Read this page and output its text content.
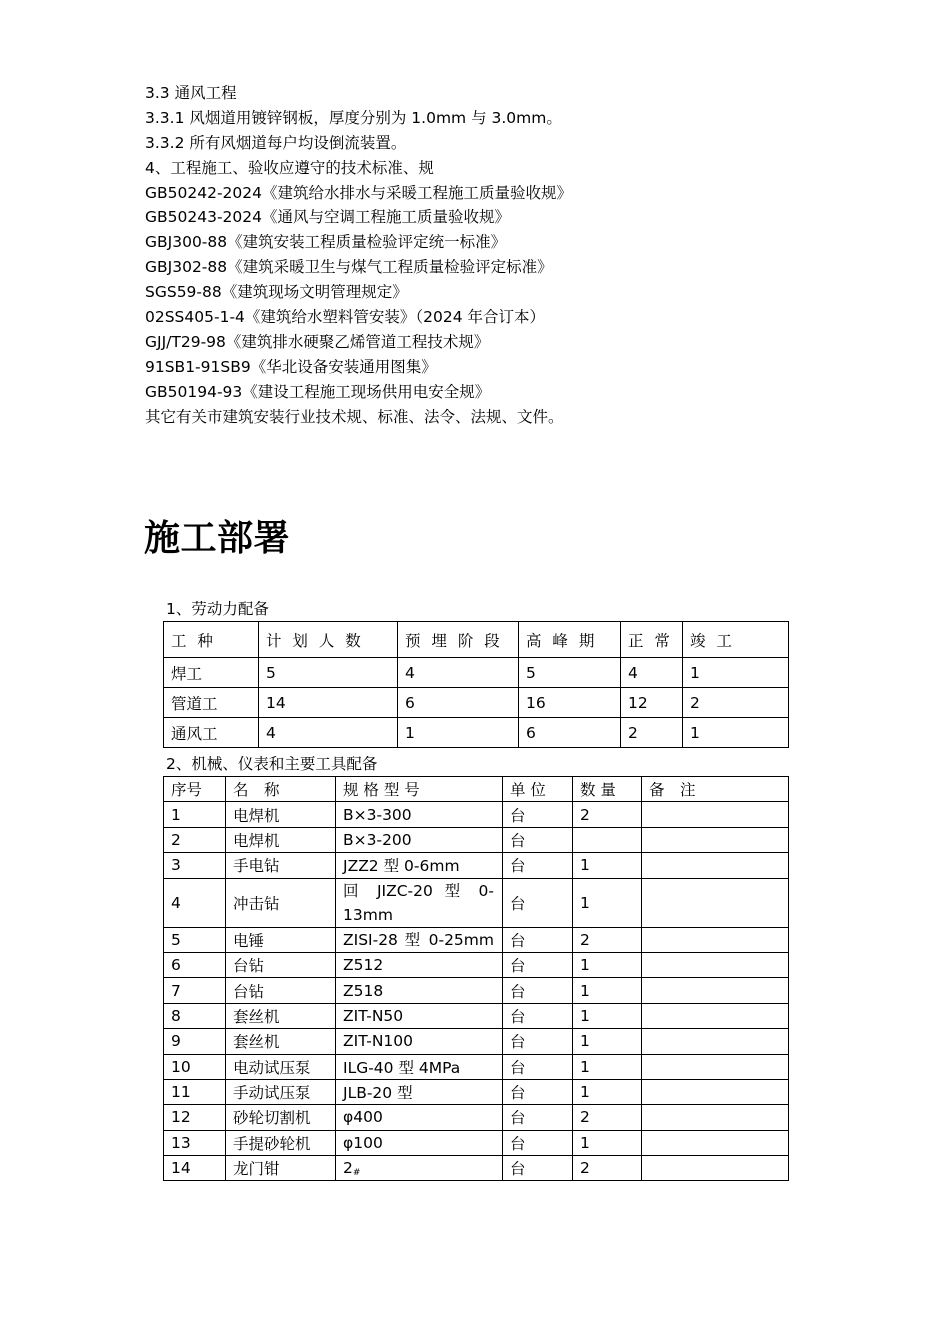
3.3 通风工程
3.3.1 风烟道用镀锌钢板，厚度分别为 1.0mm 与 3.0mm。
3.3.2 所有风烟道每户均设倒流装置。
4、工程施工、验收应遵守的技术标准、规
GB50242-2024《建筑给水排水与采暖工程施工质量验收规》
GB50243-2024《通风与空调工程施工质量验收规》
GBJ300-88《建筑安装工程质量检验评定统一标准》
GBJ302-88《建筑采暖卫生与煤气工程质量检验评定标准》
SGS59-88《建筑现场文明管理规定》
02SS405-1-4《建筑给水塑料管安装》（2024 年合订本）
GJJ/T29-98《建筑排水硬聚乙烯管道工程技术规》
91SB1-91SB9《华北设备安装通用图集》
GB50194-93《建设工程施工现场供用电安全规》
其它有关市建筑安装行业技术规、标准、法令、法规、文件。
施工部署
1、劳动力配备
工 种	计 划 人 数	预 埋 阶 段	高 峰 期	正 常	竣 工
焊工	5	4	5	4	1
管道工	14	6	16	12	2
通风工	4	1	6	2	1
2、机械、仪表和主要工具配备
序号	名　称	规 格 型 号	单 位	数 量	备　注
1	电焊机	B×3-300	台	2	
2	电焊机	B×3-200	台		
3	手电钻	JZZ2 型 0-6mm	台	1	
4	冲击钻	回 JIZC-20 型 0-13mm	台	1	
5	电锤	ZISI-28 型 0-25mm	台	2	
6	台钻	Z512	台	1	
7	台钻	Z518	台	1	
8	套丝机	ZIT-N50	台	1	
9	套丝机	ZIT-N100	台	1	
10	电动试压泵	ILG-40 型 4MPa	台	1	
11	手动试压泵	JLB-20 型	台	1	
12	砂轮切割机	φ400	台	2	
13	手提砂轮机	φ100	台	1	
14	龙门钳	$2_{\#}$	台	2	
